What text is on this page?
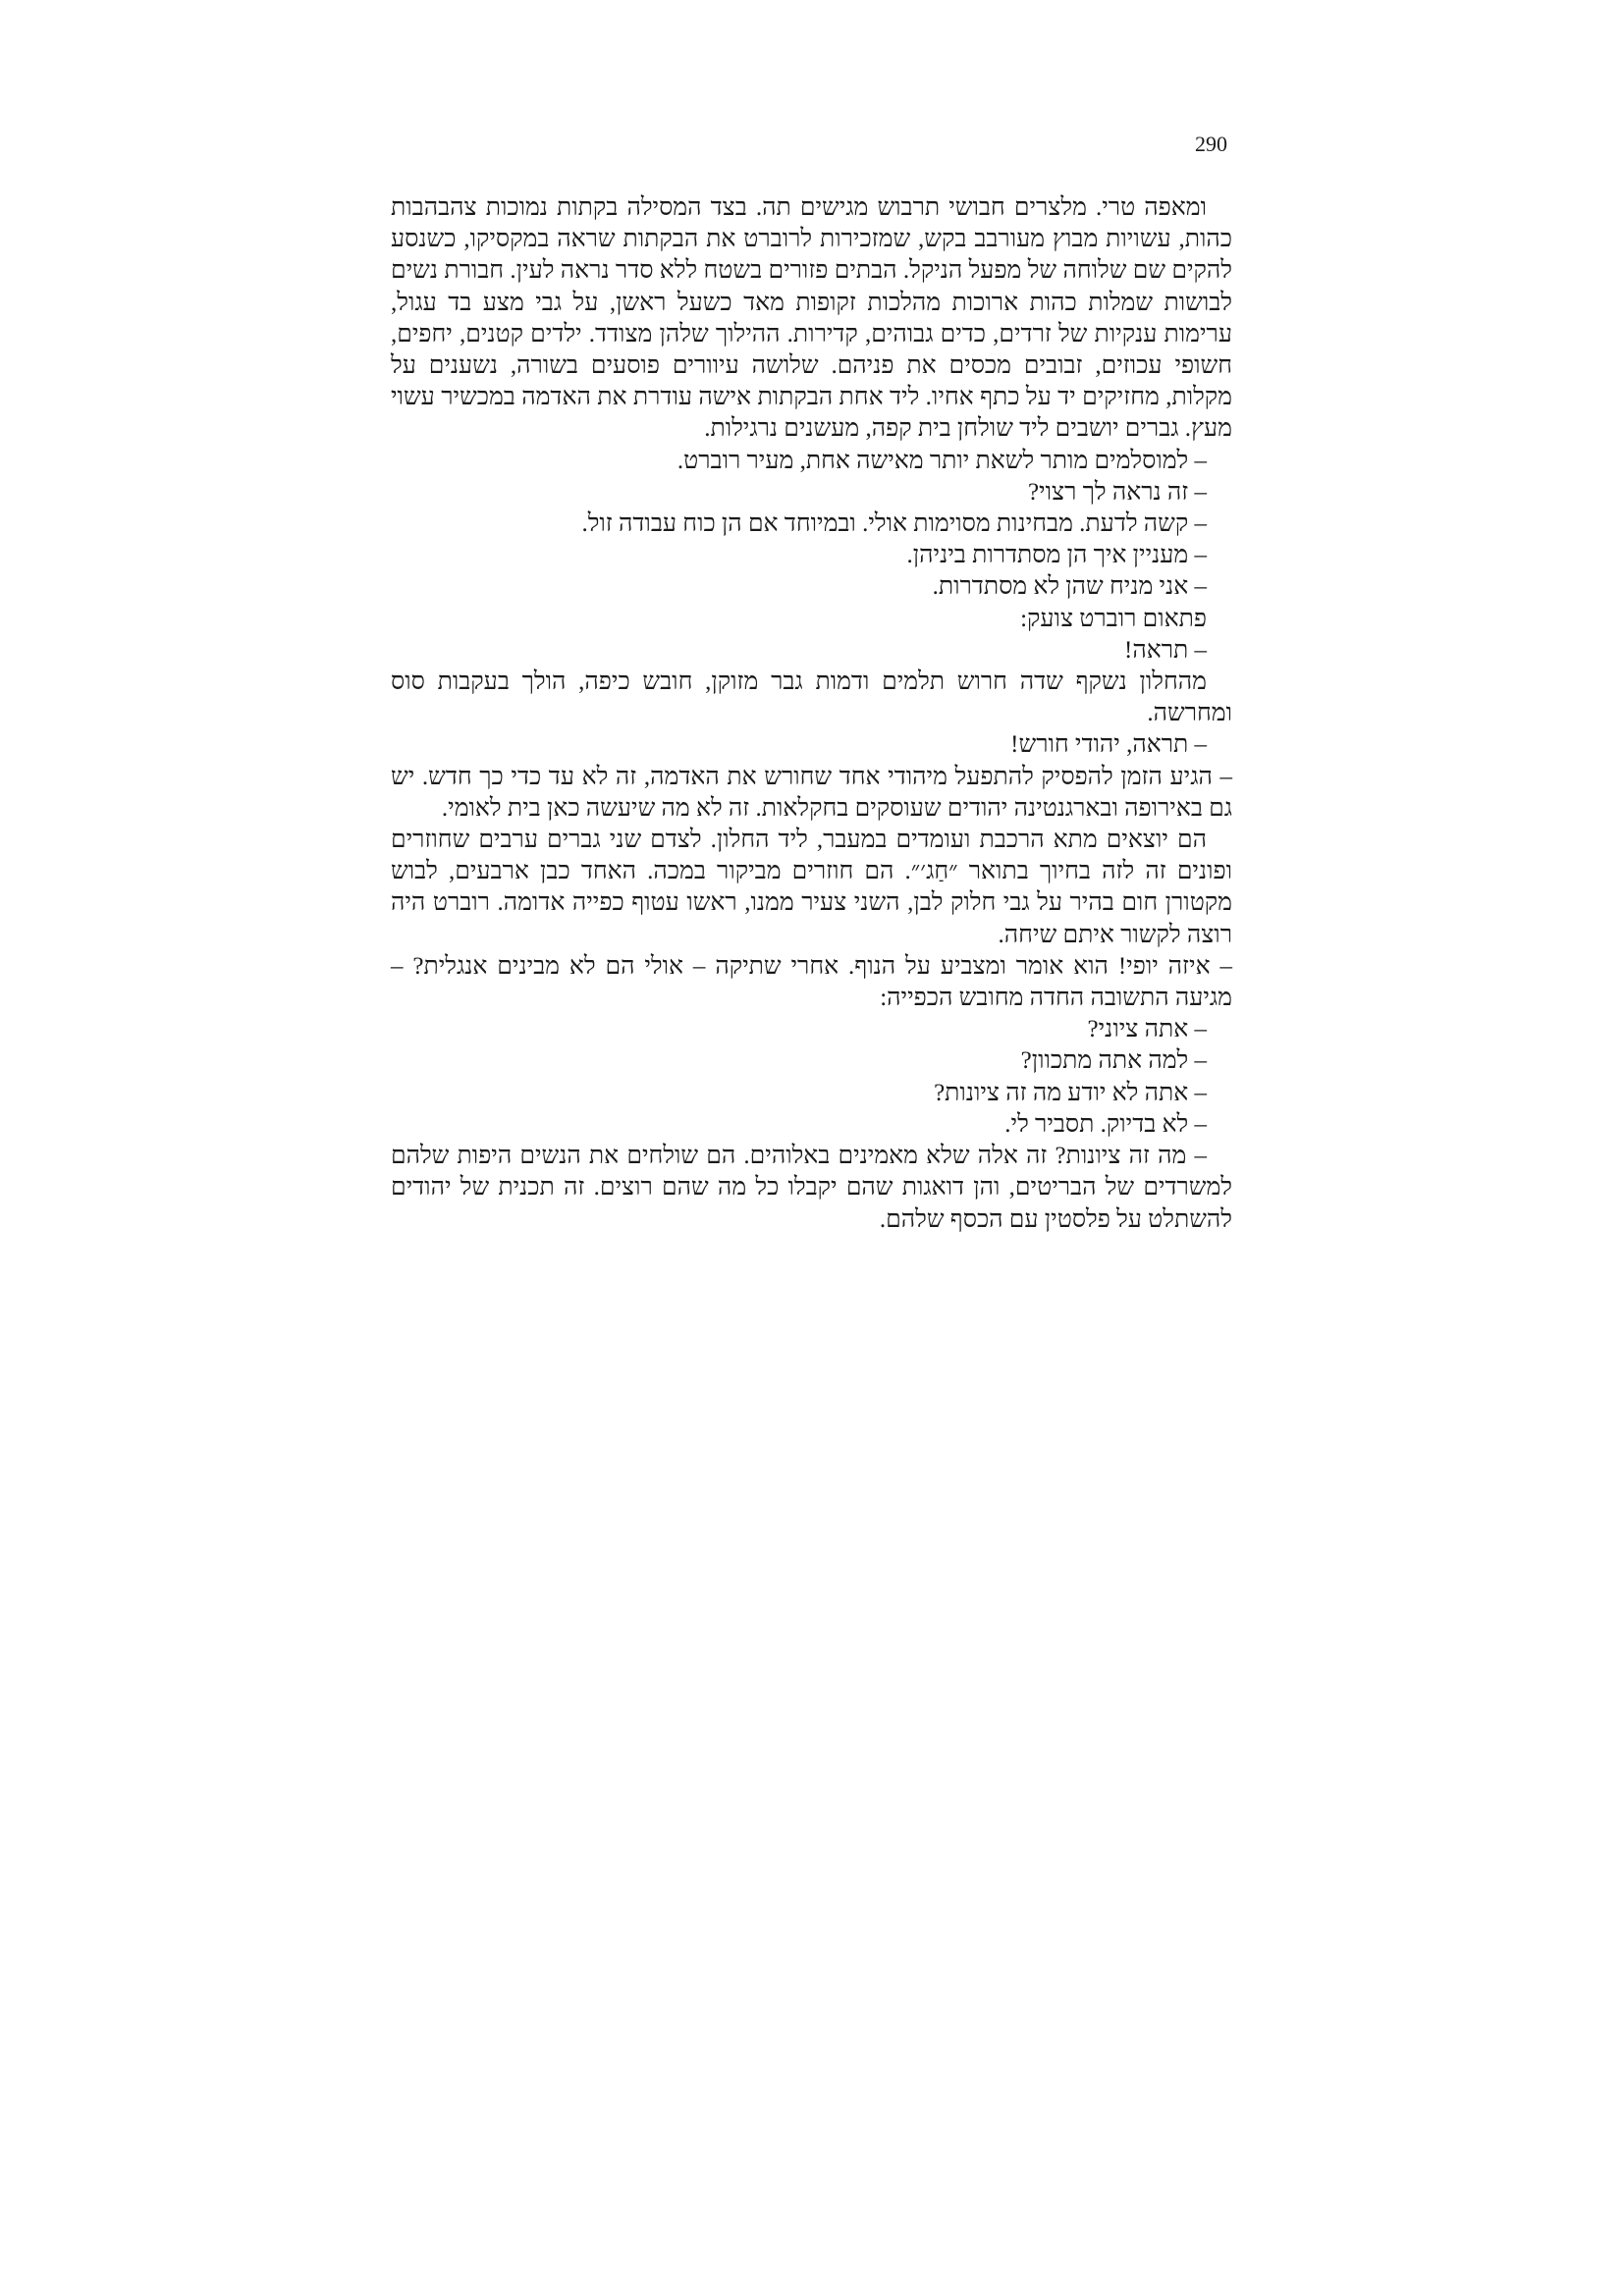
290

ומאפה טרי. מלצרים חבושי תרבוש מגישים תה. בצד המסילה בקתות נמוכות צהבהבות כהות, עשויות מבוץ מעורבב בקש, שמזכירות לרוברט את הבקתות שראה במקסיקו, כשנסע להקים שם שלוחה של מפעל הניקל. הבתים פזורים בשטח ללא סדר נראה לעין. חבורת נשים לבושות שמלות כהות ארוכות מהלכות זקופות מאד כשעל ראשן, על גבי מצע בד עגול, ערימות ענקיות של זרדים, כדים גבוהים, קדירות. ההילוך שלהן מצודד. ילדים קטנים, יחפים, חשופי עכוזים, זבובים מכסים את פניהם. שלושה עיוורים פוסעים בשורה, נשענים על מקלות, מחזיקים יד על כתף אחיו. ליד אחת הבקתות אישה עודרת את האדמה במכשיר עשוי מעץ. גברים יושבים ליד שולחן בית קפה, מעשנים נרגילות.

– למוסלמים מותר לשאת יותר מאישה אחת, מעיר רוברט.

– זה נראה לך רצוי?

– קשה לדעת. מבחינות מסוימות אולי. ובמיוחד אם הן כוח עבודה זול.

– מעניין איך הן מסתדרות ביניהן.

– אני מניח שהן לא מסתדרות.

פתאום רוברט צועק:

– תראה!

מהחלון נשקף שדה חרוש תלמים ודמות גבר מזוקן, חובש כיפה, הולך בעקבות סוס ומחרשה.

– תראה, יהודי חורש!

– הגיע הזמן להפסיק להתפעל מיהודי אחד שחורש את האדמה, זה לא עד כדי כך חדש. יש גם באירופה ובארגנטינה יהודים שעוסקים בחקלאות. זה לא מה שיעשה כאן בית לאומי.

הם יוצאים מתא הרכבת ועומדים במעבר, ליד החלון. לצדם שני גברים ערבים שחוזרים ופונים זה לזה בחיוך בתואר ״חַג׳״. הם חוזרים מביקור במכה. האחד כבן ארבעים, לבוש מקטורן חום בהיר על גבי חלוק לבן, השני צעיר ממנו, ראשו עטוף כפייה אדומה. רוברט היה רוצה לקשור איתם שיחה.

– איזה יופי! הוא אומר ומצביע על הנוף. אחרי שתיקה – אולי הם לא מבינים אנגלית? – מגיעה התשובה החדה מחובש הכפייה:

– אתה ציוני?

– למה אתה מתכוון?

– אתה לא יודע מה זה ציונות?

– לא בדיוק. תסביר לי.

– מה זה ציונות? זה אלה שלא מאמינים באלוהים. הם שולחים את הנשים היפות שלהם למשרדים של הבריטים, והן דואגות שהם יקבלו כל מה שהם רוצים. זה תכנית של יהודים להשתלט על פלסטין עם הכסף שלהם.
